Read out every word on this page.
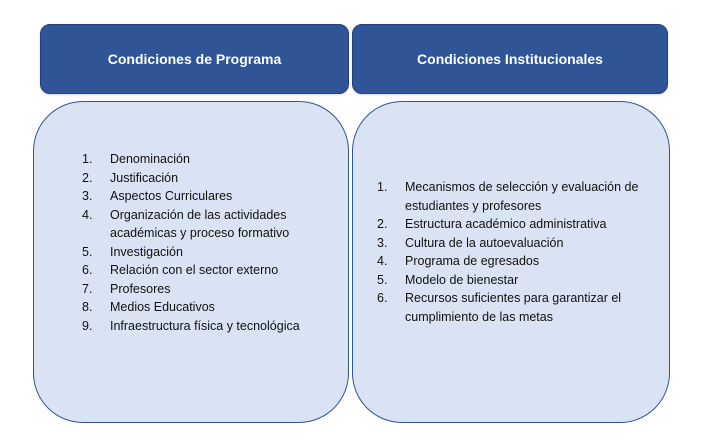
Condiciones de Programa	Condiciones Institucionales
1. Denominación
2. Justificación
3. Aspectos Curriculares
4. Organización de las actividades académicas y proceso formativo
5. Investigación
6. Relación con el sector externo
7. Profesores
8. Medios Educativos
9. Infraestructura física y tecnológica
1. Mecanismos de selección y evaluación de estudiantes y profesores
2. Estructura académico administrativa
3. Cultura de la autoevaluación
4. Programa de egresados
5. Modelo de bienestar
6. Recursos suficientes para garantizar el cumplimiento de las metas
